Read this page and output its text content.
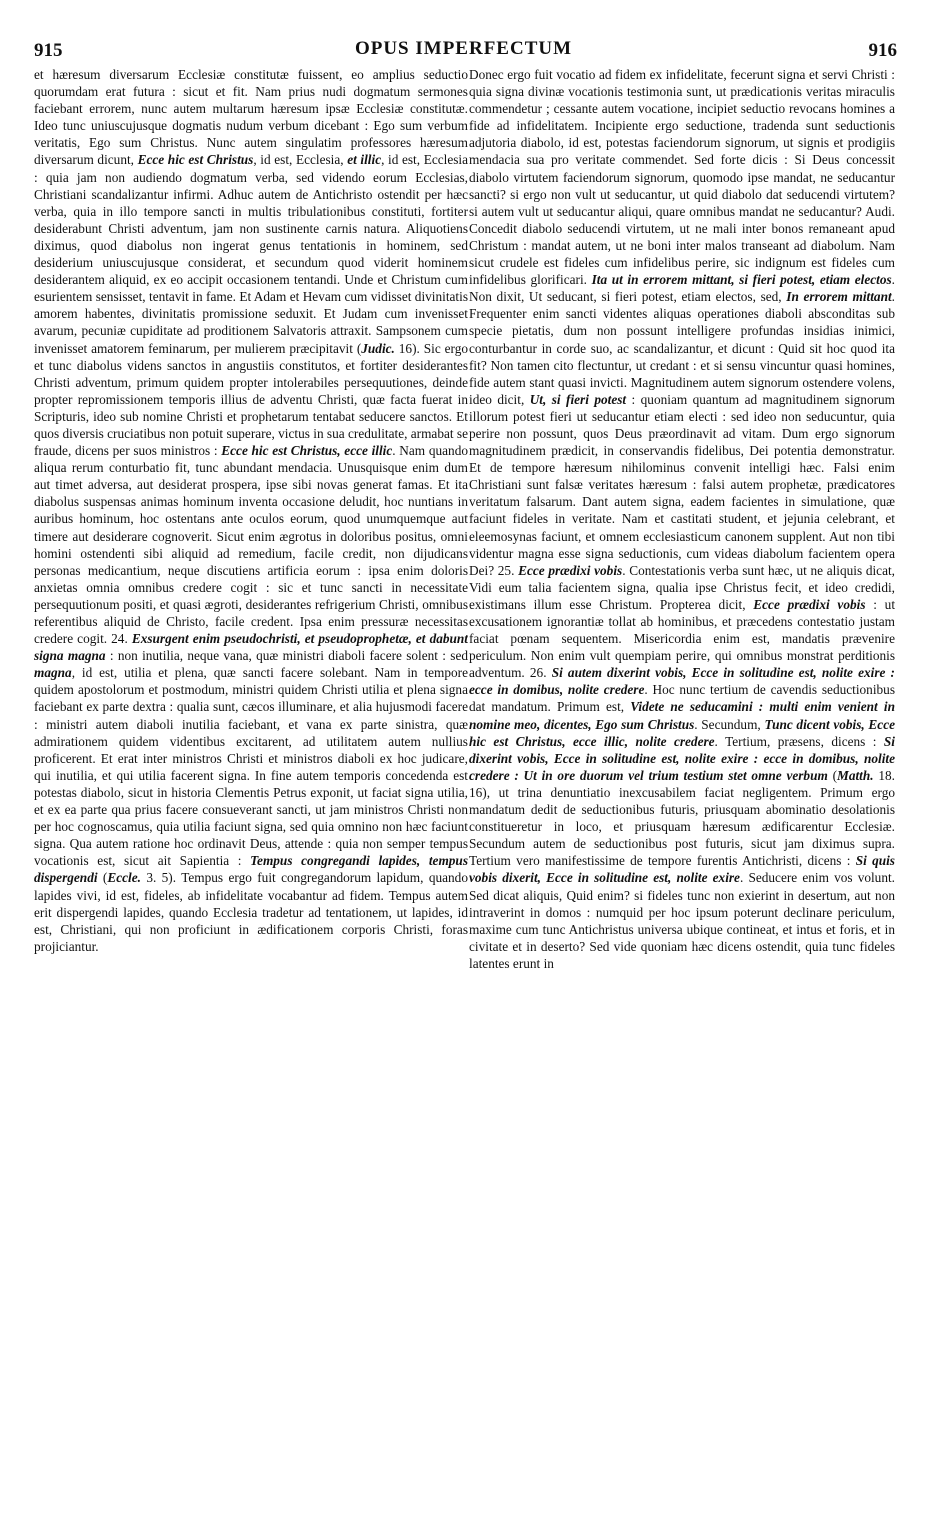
915	OPUS IMPERFECTUM	916

et hæresum diversarum Ecclesiæ constitutæ fuissent, eo amplius seductio quorumdam erat futura : sicut et fit. Nam prius nudi dogmatum sermones faciebant errorem, nunc autem multarum hæresum ipsæ Ecclesiæ constitutæ. Ideo tunc uniuscujusque dogmatis nudum verbum dicebant : Ego sum verbum veritatis, Ego sum Christus. Nunc autem singulatim professores hæresum diversarum dicunt, Ecce hic est Christus, id est, Ecclesia, et illic, id est, Ecclesia : quia jam non audiendo dogmatum verba, sed videndo eorum Ecclesias, Christiani scandalizantur infirmi. Adhuc autem de Antichristo ostendit per hæc verba, quia in illo tempore sancti in multis tribulationibus constituti, fortiter desiderabunt Christi adventum, jam non sustinente carnis natura. Aliquotiens diximus, quod diabolus non ingerat genus tentationis in hominem, sed desiderium uniuscujusque considerat, et secundum quod viderit hominem desiderantem aliquid, ex eo accipit occasionem tentandi. Unde et Christum cum esurientem sensisset, tentavit in fame. Et Adam et Hevam cum vidisset divinitatis amorem habentes, divinitatis promissione seduxit. Et Judam cum invenisset avarum, pecuniæ cupiditate ad proditionem Salvatoris attraxit. Sampsonem cum invenisset amatorem feminarum, per mulierem præcipitavit (Judic. 16). Sic ergo et tunc diabolus videns sanctos in angustiis constitutos, et fortiter desiderantes Christi adventum, primum quidem propter intolerabiles persequutiones, deinde propter repromissionem temporis illius de adventu Christi, quæ facta fuerat in Scripturis, ideo sub nomine Christi et prophetarum tentabat seducere sanctos. Et quos diversis cruciatibus non potuit superare, victus in sua credulitate, armabat se fraude, dicens per suos ministros : Ecce hic est Christus, ecce illic. Nam quando aliqua rerum conturbatio fit, tunc abundant mendacia. Unusquisque enim dum aut timet adversa, aut desiderat prospera, ipse sibi novas generat famas. Et ita diabolus suspensas animas hominum inventa occasione deludit, hoc nuntians in auribus hominum, hoc ostentans ante oculos eorum, quod unumquemque aut timere aut desiderare cognoverit. Sicut enim ægrotus in doloribus positus, omni homini ostendenti sibi aliquid ad remedium, facile credit, non dijudicans personas medicantium, neque discutiens artificia eorum : ipsa enim doloris anxietas omnia omnibus credere cogit : sic et tunc sancti in necessitate persequutionum positi, et quasi ægroti, desiderantes refrigerium Christi, omnibus referentibus aliquid de Christo, facile credent. Ipsa enim pressuræ necessitas credere cogit. 24. Exsurgent enim pseudochristi, et pseudoprophetæ, et dabunt signa magna : non inutilia, neque vana, quæ ministri diaboli facere solent : sed magna, id est, utilia et plena, quæ sancti facere solebant. Nam in tempore quidem apostolorum et postmodum, ministri quidem Christi utilia et plena signa faciebant ex parte dextra : qualia sunt, cæcos illuminare, et alia hujusmodi facere : ministri autem diaboli inutilia faciebant, et vana ex parte sinistra, quæ admirationem quidem videntibus excitarent, ad utilitatem autem nullius proficerent. Et erat inter ministros Christi et ministros diaboli ex hoc judicare, qui inutilia, et qui utilia facerent signa. In fine autem temporis concedenda est potestas diabolo, sicut in historia Clementis Petrus exponit, ut faciat signa utilia, et ex ea parte qua prius facere consueverant sancti, ut jam ministros Christi non per hoc cognoscamus, quia utilia faciunt signa, sed quia omnino non hæc faciunt signa. Qua autem ratione hoc ordinavit Deus, attende : quia non semper tempus vocationis est, sicut ait Sapientia : Tempus congregandi lapides, tempus dispergendi (Eccle. 3. 5). Tempus ergo fuit congregandorum lapidum, quando lapides vivi, id est, fideles, ab infidelitate vocabantur ad fidem. Tempus autem erit dispergendi lapides, quando Ecclesia tradetur ad tentationem, ut lapides, id est, Christiani, qui non proficiunt in ædificationem corporis Christi, foras projiciantur.

Donec ergo fuit vocatio ad fidem ex infidelitate, fecerunt signa et servi Christi : quia signa divinæ vocationis testimonia sunt, ut prædicationis veritas miraculis commendetur ; cessante autem vocatione, incipiet seductio revocans homines a fide ad infidelitatem. Incipiente ergo seductione, tradenda sunt seductionis adjutoria diabolo, id est, potestas faciendorum signorum, ut signis et prodigiis mendacia sua pro veritate commendet. Sed forte dicis : Si Deus concessit diabolo virtutem faciendorum signorum, quomodo ipse mandat, ne seducantur sancti? si ergo non vult ut seducantur, ut quid diabolo dat seducendi virtutem? si autem vult ut seducantur aliqui, quare omnibus mandat ne seducantur? Audi. Concedit diabolo seducendi virtutem, ut ne mali inter bonos remaneant apud Christum : mandat autem, ut ne boni inter malos transeant ad diabolum. Nam sicut crudele est fideles cum infidelibus perire, sic indignum est fideles cum infidelibus glorificari. Ita ut in errorem mittant, si fieri potest, etiam electos. Non dixit, Ut seducant, si fieri potest, etiam electos, sed, In errorem mittant. Frequenter enim sancti videntes aliquas operationes diaboli absconditas sub specie pietatis, dum non possunt intelligere profundas insidias inimici, conturbantur in corde suo, ac scandalizantur, et dicunt : Quid sit hoc quod ita fit? Non tamen cito flectuntur, ut credant : et si sensu vincuntur quasi homines, fide autem stant quasi invicti. Magnitudinem autem signorum ostendere volens, ideo dicit, Ut, si fieri potest : quoniam quantum ad magnitudinem signorum illorum potest fieri ut seducantur etiam electi : sed ideo non seducuntur, quia perire non possunt, quos Deus præordinavit ad vitam. Dum ergo signorum magnitudinem prædicit, in conservandis fidelibus, Dei potentia demonstratur. Et de tempore hæresum nihilominus convenit intelligi hæc. Falsi enim Christiani sunt falsæ veritates hæresum : falsi autem prophetæ, prædicatores veritatum falsarum. Dant autem signa, eadem facientes in simulatione, quæ faciunt fideles in veritate. Nam et castitati student, et jejunia celebrant, et eleemosynas faciunt, et omnem ecclesiasticum canonem supplent. Aut non tibi videntur magna esse signa seductionis, cum videas diabolum facientem opera Dei? 25. Ecce prædixi vobis. Contestationis verba sunt hæc, ut ne aliquis dicat, Vidi eum talia facientem signa, qualia ipse Christus fecit, et ideo credidi, existimans illum esse Christum. Propterea dicit, Ecce prædixi vobis : ut excusationem ignorantiæ tollat ab hominibus, et præcedens contestatio justam faciat pœnam sequentem. Misericordia enim est, mandatis prævenire periculum. Non enim vult quempiam perire, qui omnibus monstrat perditionis adventum. 26. Si autem dixerint vobis, Ecce in solitudine est, nolite exire : ecce in domibus, nolite credere. Hoc nunc tertium de cavendis seductionibus dat mandatum. Primum est, Videte ne seducamini : multi enim venient in nomine meo, dicentes, Ego sum Christus. Secundum, Tunc dicent vobis, Ecce hic est Christus, ecce illic, nolite credere. Tertium, præsens, dicens : Si dixerint vobis, Ecce in solitudine est, nolite exire : ecce in domibus, nolite credere : Ut in ore duorum vel trium testium stet omne verbum (Matth. 18. 16), ut trina denuntiatio inexcusabilem faciat negligentem. Primum ergo mandatum dedit de seductionibus futuris, priusquam abominatio desolationis constitueretur in loco, et priusquam hæresum ædificarentur Ecclesiæ. Secundum autem de seductionibus post futuris, sicut jam diximus supra. Tertium vero manifestissime de tempore furentis Antichristi, dicens : Si quis vobis dixerit, Ecce in solitudine est, nolite exire. Seducere enim vos volunt. Sed dicat aliquis, Quid enim? si fideles tunc non exierint in desertum, aut non intraverint in domos : numquid per hoc ipsum poterunt declinare periculum, maxime cum tunc Antichristus universa ubique contineat, et intus et foris, et in civitate et in deserto? Sed vide quoniam hæc dicens ostendit, quia tunc fideles latentes erunt in
